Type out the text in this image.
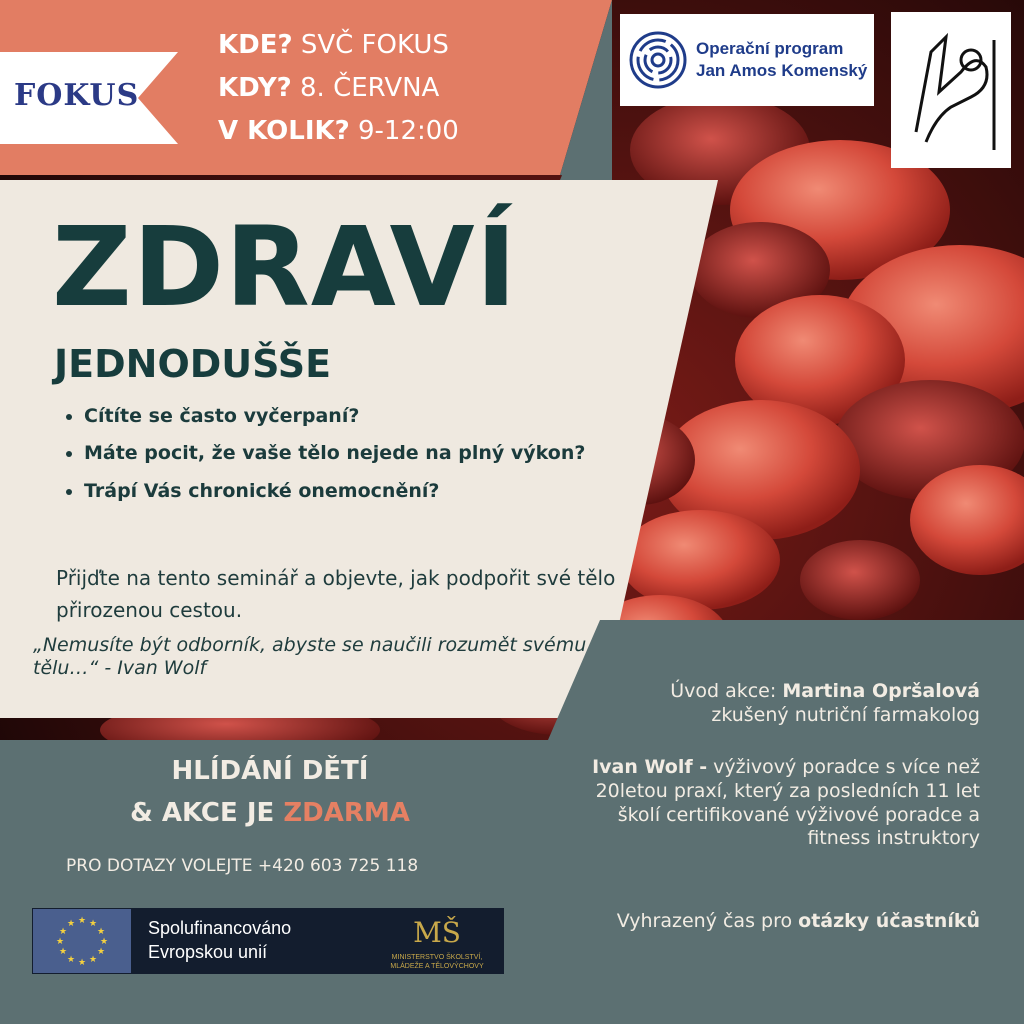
FOKUS
KDE? SVČ FOKUS
KDY? 8. ČERVNA
V KOLIK? 9-12:00
Operační program
Jan Amos Komenský
ZDRAVÍ
JEDNODUŠŠE
• Cítíte se často vyčerpaní?
• Máte pocit, že vaše tělo nejede na plný výkon?
• Trápí Vás chronické onemocnění?
Přijďte na tento seminář a objevte, jak podpořit své tělo přirozenou cestou.
„Nemusíte být odborník, abyste se naučili rozumět svému tělu…“ - Ivan Wolf
HLÍDÁNÍ DĚTÍ
& AKCE JE ZDARMA
PRO DOTAZY VOLEJTE +420 603 725 118
★ ★
★
★
★
★
★
★
★
★
★
★	Spolufinancováno
Evropskou unií
MŠ
MINISTERSTVO ŠKOLSTVÍ,
MLÁDEŽE A TĚLOVÝCHOVY
Úvod akce: Martina Opršalová
zkušený nutriční farmakolog
Ivan Wolf - výživový poradce s více než 20letou praxí, který za posledních 11 let školí certifikované výživové poradce a fitness instruktory
Vyhrazený čas pro otázky účastníků
